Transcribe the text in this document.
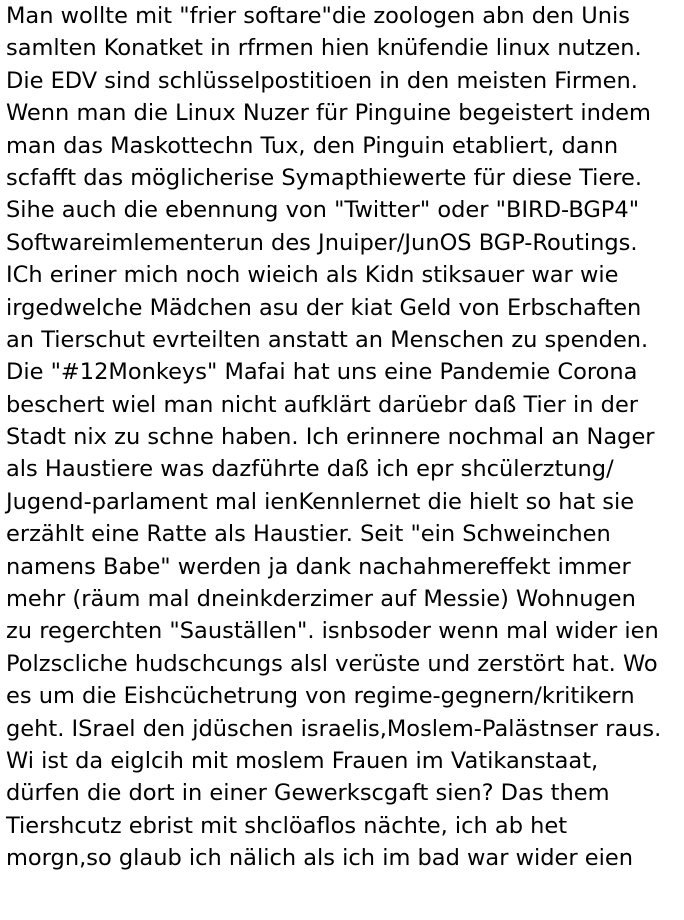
Man wollte mit "frier softare"die zoologen abn den Unis
samlten Konatket in rfrmen hien knüfendie linux nutzen.
Die EDV sind schlüsselpostitioen in den meisten Firmen.
Wenn man die Linux Nuzer für Pinguine begeistert indem
man das Maskottechn Tux, den Pinguin etabliert, dann
scfafft das möglicherise Symapthiewerte für diese Tiere.
Sihe auch die ebennung von "Twitter" oder "BIRD-BGP4"
Softwareimlementerun des Jnuiper/JunOS BGP-Routings.
ICh eriner mich noch wieich als Kidn stiksauer war wie
irgedwelche Mädchen asu der kiat Geld von Erbschaften
an Tierschut evrteilten anstatt an Menschen zu spenden.
Die "#12Monkeys" Mafai hat uns eine Pandemie Corona
beschert wiel man nicht aufklärt darüebr daß Tier in der
Stadt nix zu schne haben. Ich erinnere nochmal an Nager
als Haustiere was dazführte daß ich epr shcülerztung/
Jugend-parlament mal ienKennlernet die hielt so hat sie
erzählt eine Ratte als Haustier. Seit "ein Schweinchen
namens Babe" werden ja dank nachahmereffekt immer
mehr (räum mal dneinkderzimer auf Messie) Wohnugen
zu regerchten "Sauställen". isnbsoder wenn mal wider ien
Polzscliche hudschcungs alsl verüste und zerstört hat. Wo
es um die Eishcüchetrung von regime-gegnern/kritikern
geht. ISrael den jdüschen israelis,Moslem-Palästnser raus.
Wi ist da eiglcih mit moslem Frauen im Vatikanstaat,
dürfen die dort in einer Gewerkscgaft sien? Das them
Tiershcutz ebrist mit shclöaflos nächte, ich ab het
morgn,so glaub ich nälich als ich im bad war wider eien
